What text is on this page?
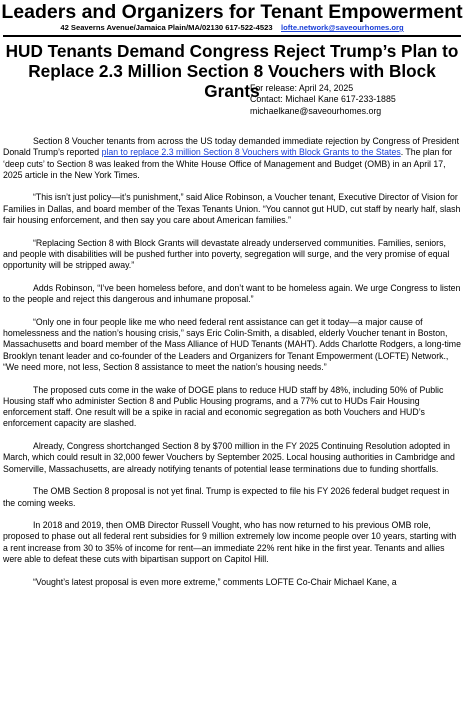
Leaders and Organizers for Tenant Empowerment
42 Seaverns Avenue/Jamaica Plain/MA/02130 617-522-4523 lofte.network@saveourhomes.org
HUD Tenants Demand Congress Reject Trump’s Plan to Replace 2.3 Million Section 8 Vouchers with Block Grants
For release: April 24, 2025
Contact: Michael Kane 617-233-1885
michaelkane@saveourhomes.org

Section 8 Voucher tenants from across the US today demanded immediate rejection by Congress of President Donald Trump’s reported plan to replace 2.3 million Section 8 Vouchers with Block Grants to the States. The plan for ‘deep cuts’ to Section 8 was leaked from the White House Office of Management and Budget (OMB) in an April 17, 2025 article in the New York Times.

“This isn’t just policy—it’s punishment,” said Alice Robinson, a Voucher tenant, Executive Director of Vision for Families in Dallas, and board member of the Texas Tenants Union. “You cannot gut HUD, cut staff by nearly half, slash fair housing enforcement, and then say you care about American families.”

“Replacing Section 8 with Block Grants will devastate already underserved communities. Families, seniors, and people with disabilities will be pushed further into poverty, segregation will surge, and the very promise of equal opportunity will be stripped away.”

Adds Robinson, “I’ve been homeless before, and don’t want to be homeless again. We urge Congress to listen to the people and reject this dangerous and inhumane proposal.”

“Only one in four people like me who need federal rent assistance can get it today—a major cause of homelessness and the nation’s housing crisis,” says Eric Colin-Smith, a disabled, elderly Voucher tenant in Boston, Massachusetts and board member of the Mass Alliance of HUD Tenants (MAHT). Adds Charlotte Rodgers, a long-time Brooklyn tenant leader and co-founder of the Leaders and Organizers for Tenant Empowerment (LOFTE) Network., “We need more, not less, Section 8 assistance to meet the nation’s housing needs.”

The proposed cuts come in the wake of DOGE plans to reduce HUD staff by 48%, including 50% of Public Housing staff who administer Section 8 and Public Housing programs, and a 77% cut to HUDs Fair Housing enforcement staff. One result will be a spike in racial and economic segregation as both Vouchers and HUD’s enforcement capacity are slashed.

Already, Congress shortchanged Section 8 by $700 million in the FY 2025 Continuing Resolution adopted in March, which could result in 32,000 fewer Vouchers by September 2025. Local housing authorities in Cambridge and Somerville, Massachusetts, are already notifying tenants of potential lease terminations due to funding shortfalls.

The OMB Section 8 proposal is not yet final. Trump is expected to file his FY 2026 federal budget request in the coming weeks.

In 2018 and 2019, then OMB Director Russell Vought, who has now returned to his previous OMB role, proposed to phase out all federal rent subsidies for 9 million extremely low income people over 10 years, starting with a rent increase from 30 to 35% of income for rent—an immediate 22% rent hike in the first year. Tenants and allies were able to defeat these cuts with bipartisan support on Capitol Hill.

“Vought’s latest proposal is even more extreme,” comments LOFTE Co-Chair Michael Kane, a
